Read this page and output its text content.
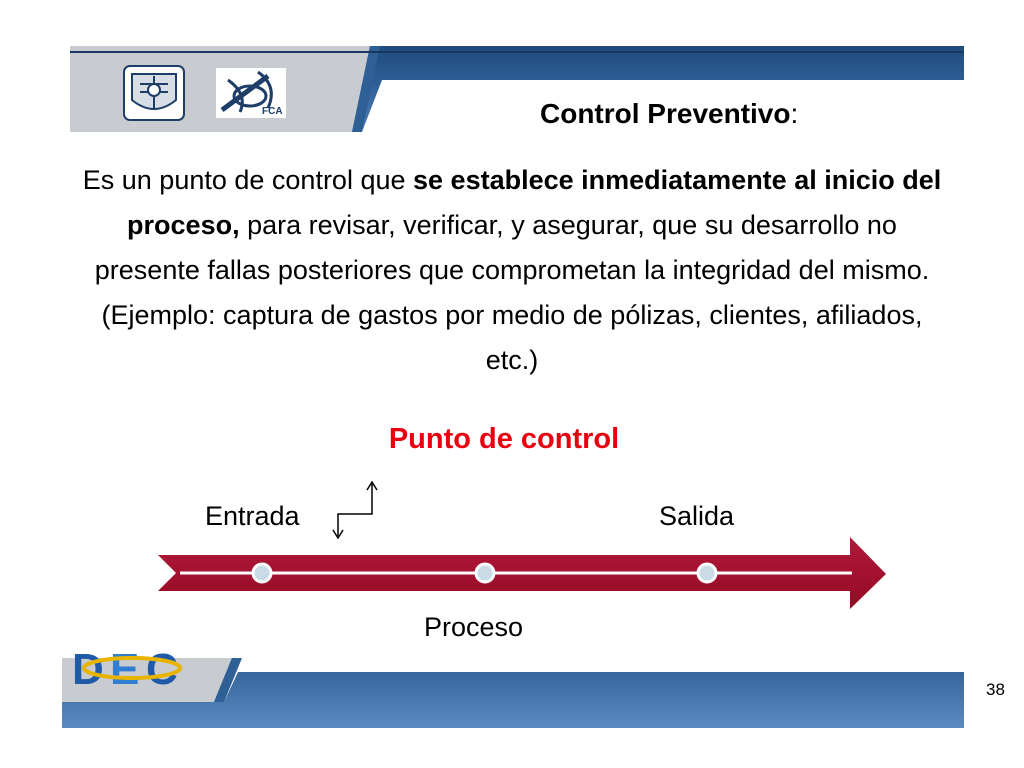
FCA	Control Preventivo:
Es un punto de control que se establece inmediatamente al inicio del proceso, para revisar, verificar, y asegurar, que su desarrollo no presente fallas posteriores que comprometan la integridad del mismo. (Ejemplo: captura de gastos por medio de pólizas, clientes, afiliados, etc.)
Punto de control
Entrada	Salida
Proceso
D E C	38
